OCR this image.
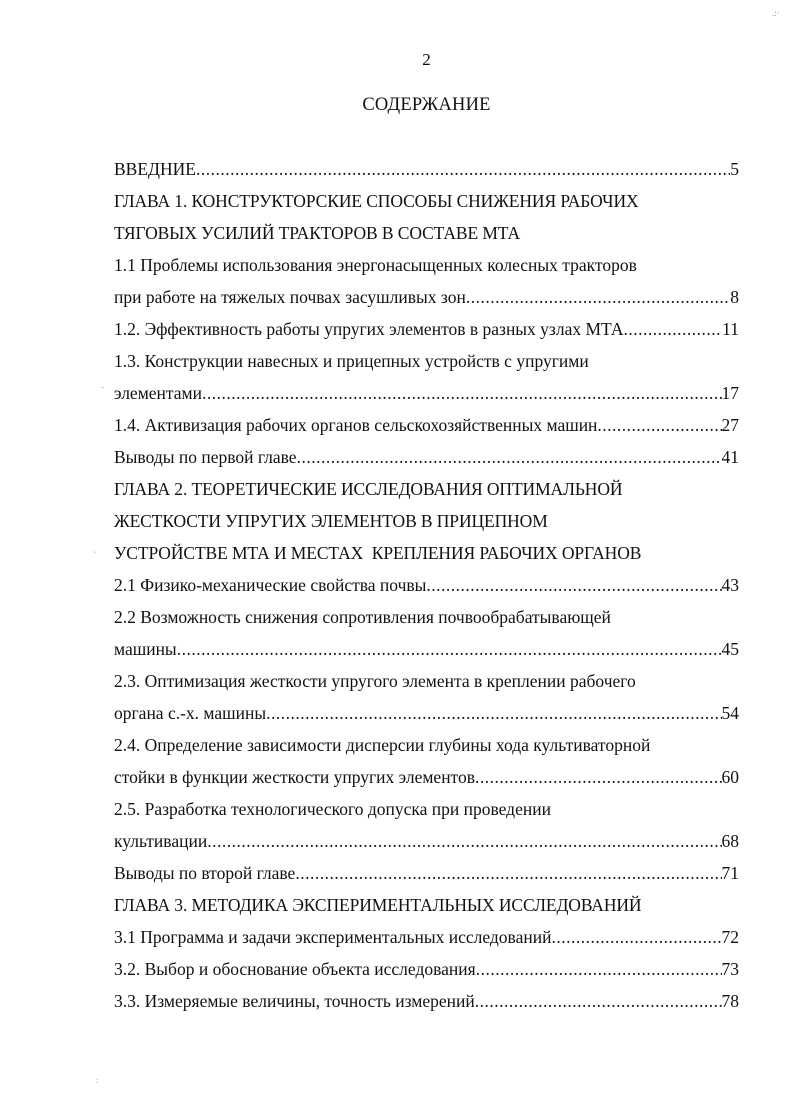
2
СОДЕРЖАНИЕ
ВВЕДНИЕ .....	5
ГЛАВА 1. КОНСТРУКТОРСКИЕ СПОСОБЫ СНИЖЕНИЯ РАБОЧИХ
ТЯГОВЫХ УСИЛИЙ ТРАКТОРОВ В СОСТАВЕ МТА
1.1 Проблемы использования энергонасыщенных колесных тракторов
при работе на тяжелых почвах засушливых зон .....	8
1.2. Эффективность работы упругих элементов в разных узлах МТА .....	11
1.3. Конструкции навесных и прицепных устройств с упругими
элементами .....	17
1.4. Активизация рабочих органов сельскохозяйственных машин .....	27
Выводы по первой главе .....	41
ГЛАВА 2. ТЕОРЕТИЧЕСКИЕ ИССЛЕДОВАНИЯ ОПТИМАЛЬНОЙ
ЖЕСТКОСТИ УПРУГИХ ЭЛЕМЕНТОВ В ПРИЦЕПНОМ
УСТРОЙСТВЕ МТА И МЕСТАХ  КРЕПЛЕНИЯ РАБОЧИХ ОРГАНОВ
2.1 Физико-механические свойства почвы .....	43
2.2 Возможность снижения сопротивления почвообрабатывающей
машины .....	45
2.3. Оптимизация жесткости упругого элемента в креплении рабочего
органа с.-х. машины .....	54
2.4. Определение зависимости дисперсии глубины хода культиваторной
стойки в функции жесткости упругих элементов .....	60
2.5. Разработка технологического допуска при проведении
культивации .....	68
Выводы по второй главе .....	71
ГЛАВА 3. МЕТОДИКА ЭКСПЕРИМЕНТАЛЬНЫХ ИССЛЕДОВАНИЙ
3.1 Программа и задачи экспериментальных исследований .....	72
3.2. Выбор и обоснование объекта исследования .....	73
3.3. Измеряемые величины, точность измерений .....	78
.:·
-
'
:
